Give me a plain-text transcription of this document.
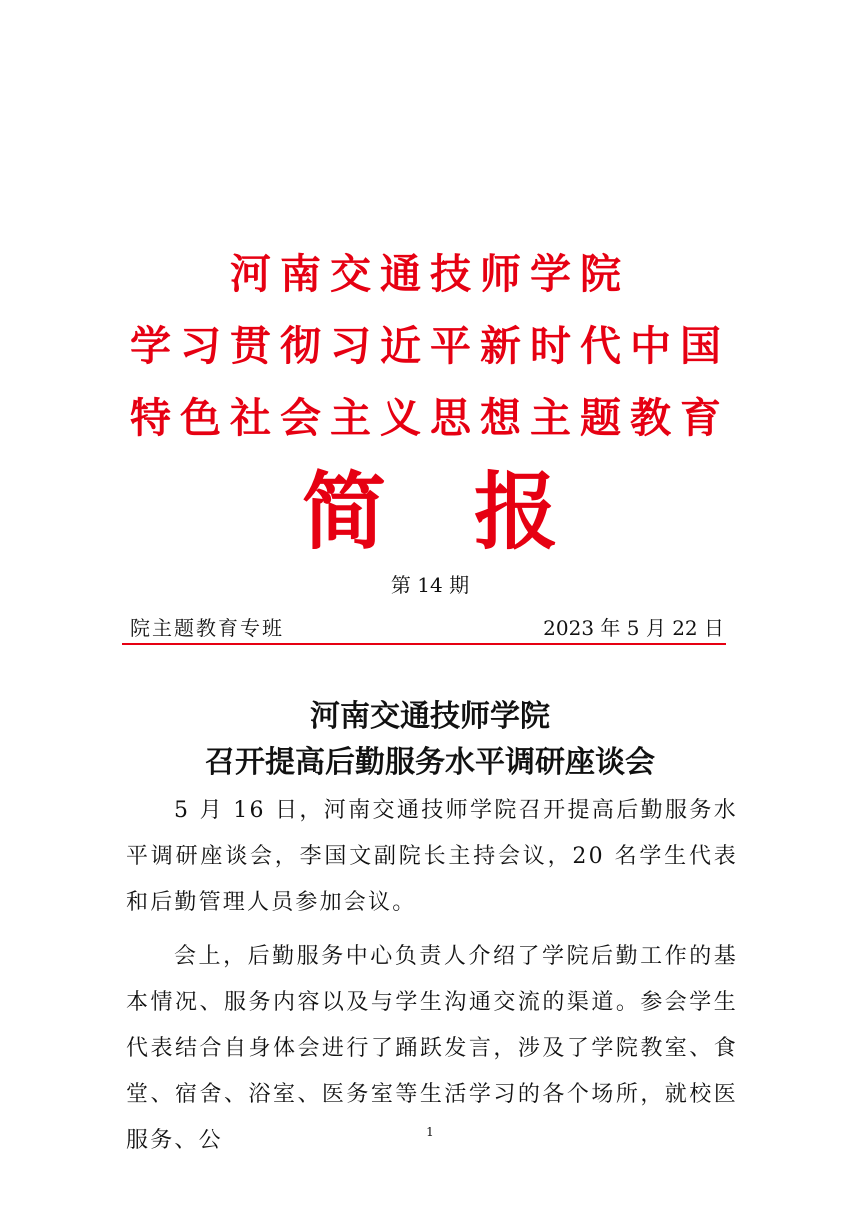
河南交通技师学院
学习贯彻习近平新时代中国
特色社会主义思想主题教育
简报
第 14 期
院主题教育专班	2023 年 5 月 22 日
河南交通技师学院
召开提高后勤服务水平调研座谈会

5 月 16 日，河南交通技师学院召开提高后勤服务水平调研座谈会，李国文副院长主持会议，20 名学生代表和后勤管理人员参加会议。

会上，后勤服务中心负责人介绍了学院后勤工作的基本情况、服务内容以及与学生沟通交流的渠道。参会学生代表结合自身体会进行了踊跃发言，涉及了学院教室、食堂、宿舍、浴室、医务室等生活学习的各个场所，就校医服务、公	1
